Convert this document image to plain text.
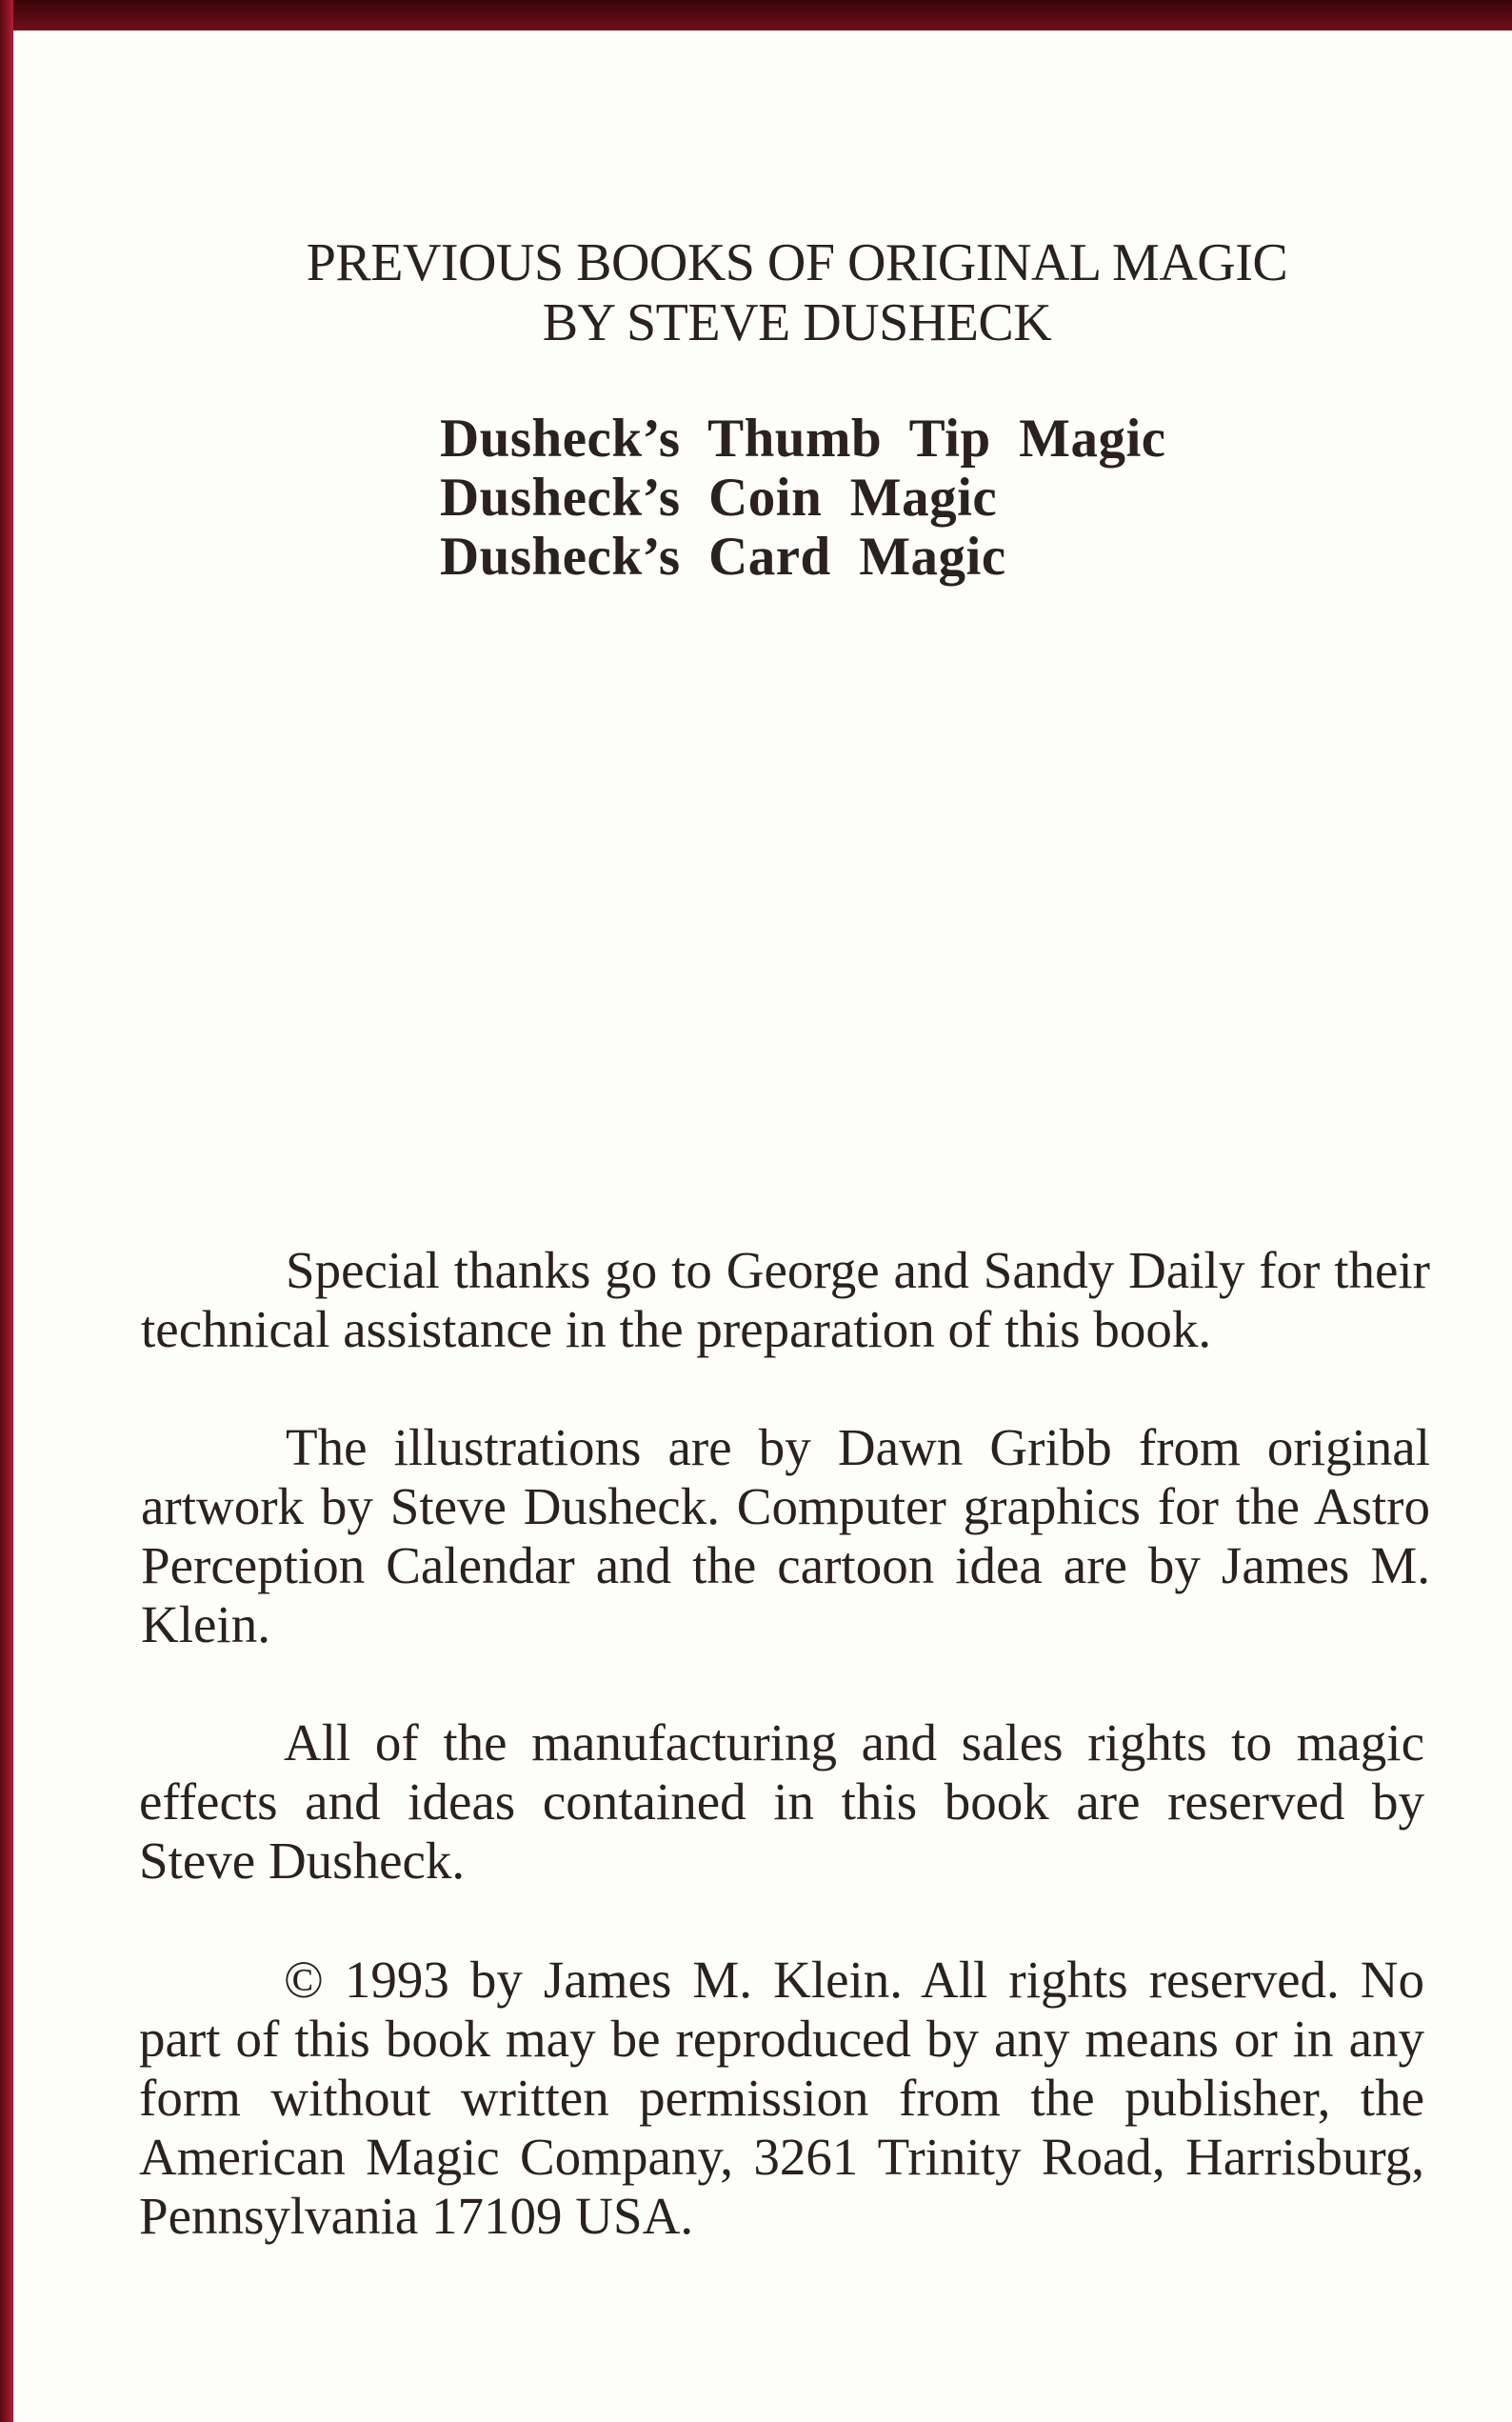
PREVIOUS BOOKS OF ORIGINAL MAGIC
BY STEVE DUSHECK
Dusheck’s  Thumb  Tip  Magic
Dusheck’s  Coin  Magic
Dusheck’s  Card  Magic

Special thanks go to George and Sandy Daily for their technical assistance in the preparation of this book.

The illustrations are by Dawn Gribb from original artwork by Steve Dusheck. Computer graphics for the Astro Perception Calendar and the cartoon idea are by James M. Klein.

All of the manufacturing and sales rights to magic effects and ideas contained in this book are reserved by Steve Dusheck.

© 1993 by James M. Klein. All rights reserved. No part of this book may be reproduced by any means or in any form without written permission from the publisher, the American Magic Company, 3261 Trinity Road, Harrisburg, Pennsylvania 17109 USA.
